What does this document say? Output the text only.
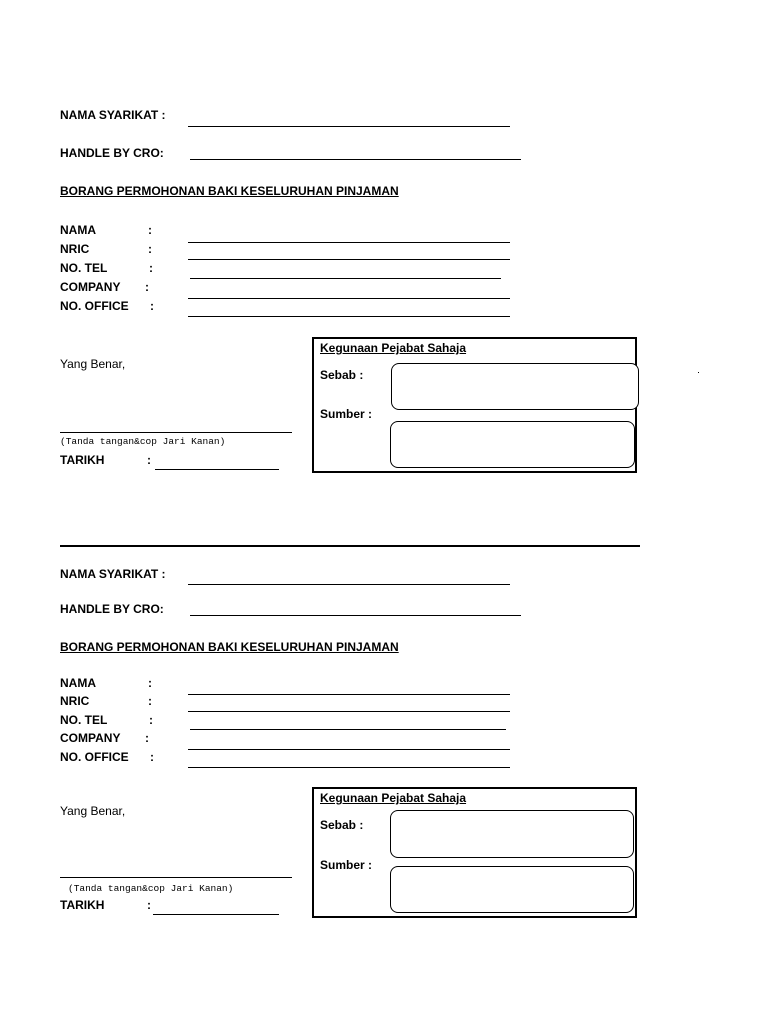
NAMA SYARIKAT :
HANDLE BY CRO:
BORANG PERMOHONAN BAKI KESELURUHAN PINJAMAN
NAMA	:
NRIC	:
NO. TEL	:
COMPANY :
NO. OFFICE :
Yang Benar,
(Tanda tangan&cop Jari Kanan)
TARIKH	:
Kegunaan Pejabat Sahaja
Sebab :
Sumber :
NAMA SYARIKAT :
HANDLE BY CRO:
BORANG PERMOHONAN BAKI KESELURUHAN PINJAMAN
NAMA	:
NRIC	:
NO. TEL	:
COMPANY :
NO. OFFICE :
Yang Benar,
(Tanda tangan&cop Jari Kanan)
TARIKH	:
Kegunaan Pejabat Sahaja
Sebab :
Sumber :
